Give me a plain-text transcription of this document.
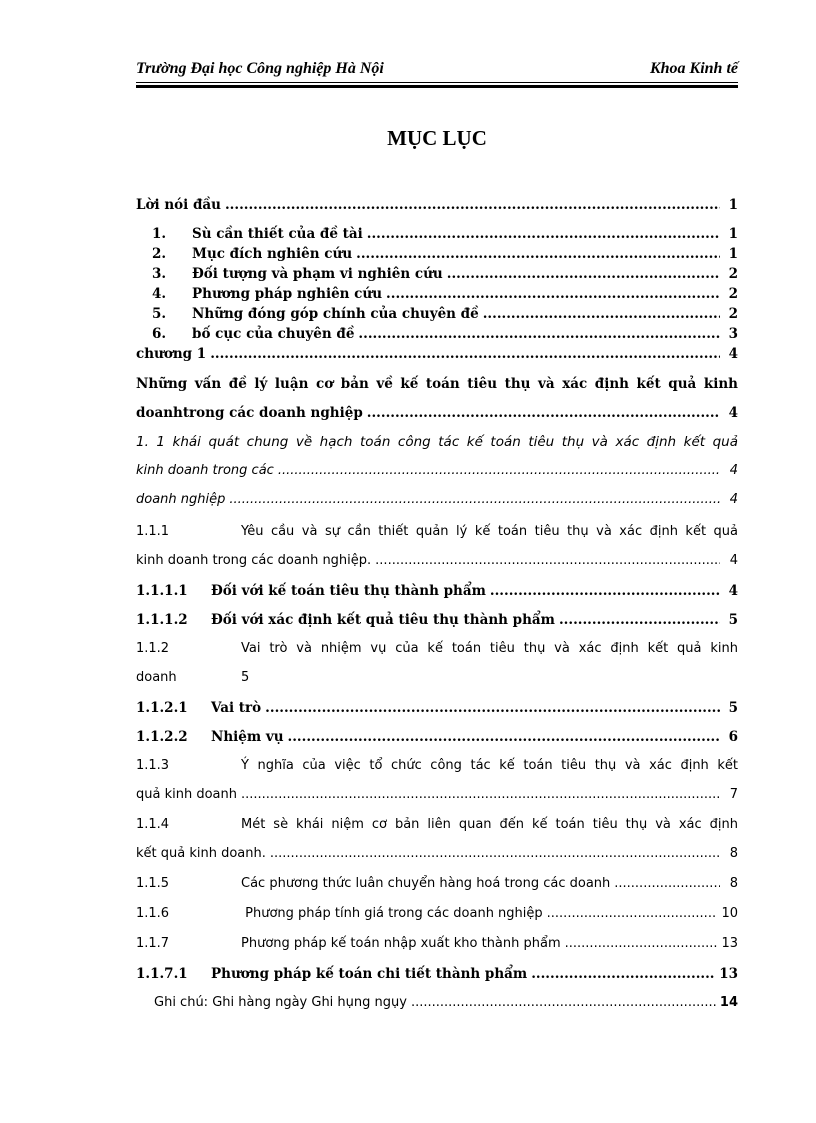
Trường Đại học Công nghiệp Hà Nội	Khoa Kinh tế
MỤC LỤC
Lời nói đầu .....	1
1. Sù cần thiết của đề tài .....	1
2. Mục đích nghiên cứu .....	1
3. Đối tượng và phạm vi nghiên cứu .....	2
4. Phương pháp nghiên cứu .....	2
5. Những đóng góp chính của chuyên đề .....	2
6. bố cục của chuyên đề .....	3
chương 1 .....	4
Những vấn đề lý luận cơ bản về kế toán tiêu thụ và xác định kết quả kinh
doanhtrong các doanh nghiệp .....	4
1. 1 khái quát chung về hạch toán công tác kế toán tiêu thụ và xác định kết quả
kinh doanh trong các .....	4
doanh nghiệp .....	4
1.1.1	Yêu cầu và sự cần thiết quản lý kế toán tiêu thụ và xác định kết quả
kinh doanh trong các doanh nghiệp. .....	4
1.1.1.1 Đối với kế toán tiêu thụ thành phẩm .....	4
1.1.1.2 Đối với xác định kết quả tiêu thụ thành phẩm .....	5
1.1.2	Vai trò và nhiệm vụ của kế toán tiêu thụ và xác định kết quả kinh
doanh	5
1.1.2.1 Vai trò .....	5
1.1.2.2 Nhiệm vụ .....	6
1.1.3	Ý nghĩa của việc tổ chức công tác kế toán tiêu thụ và xác định kết
quả kinh doanh .....	7
1.1.4	Mét sè khái niệm cơ bản liên quan đến kế toán tiêu thụ và xác định
kết quả kinh doanh. .....	8
1.1.5	Các phương thức luân chuyển hàng hoá trong các doanh .....	8
1.1.6	Phương pháp tính giá trong các doanh nghiệp .....	10
1.1.7	Phương pháp kế toán nhập xuất kho thành phẩm .....	13
1.1.7.1 Phương pháp kế toán chi tiết thành phẩm .....	13
Ghi chú: Ghi hàng ngày Ghi hụng ngụy .....	14
